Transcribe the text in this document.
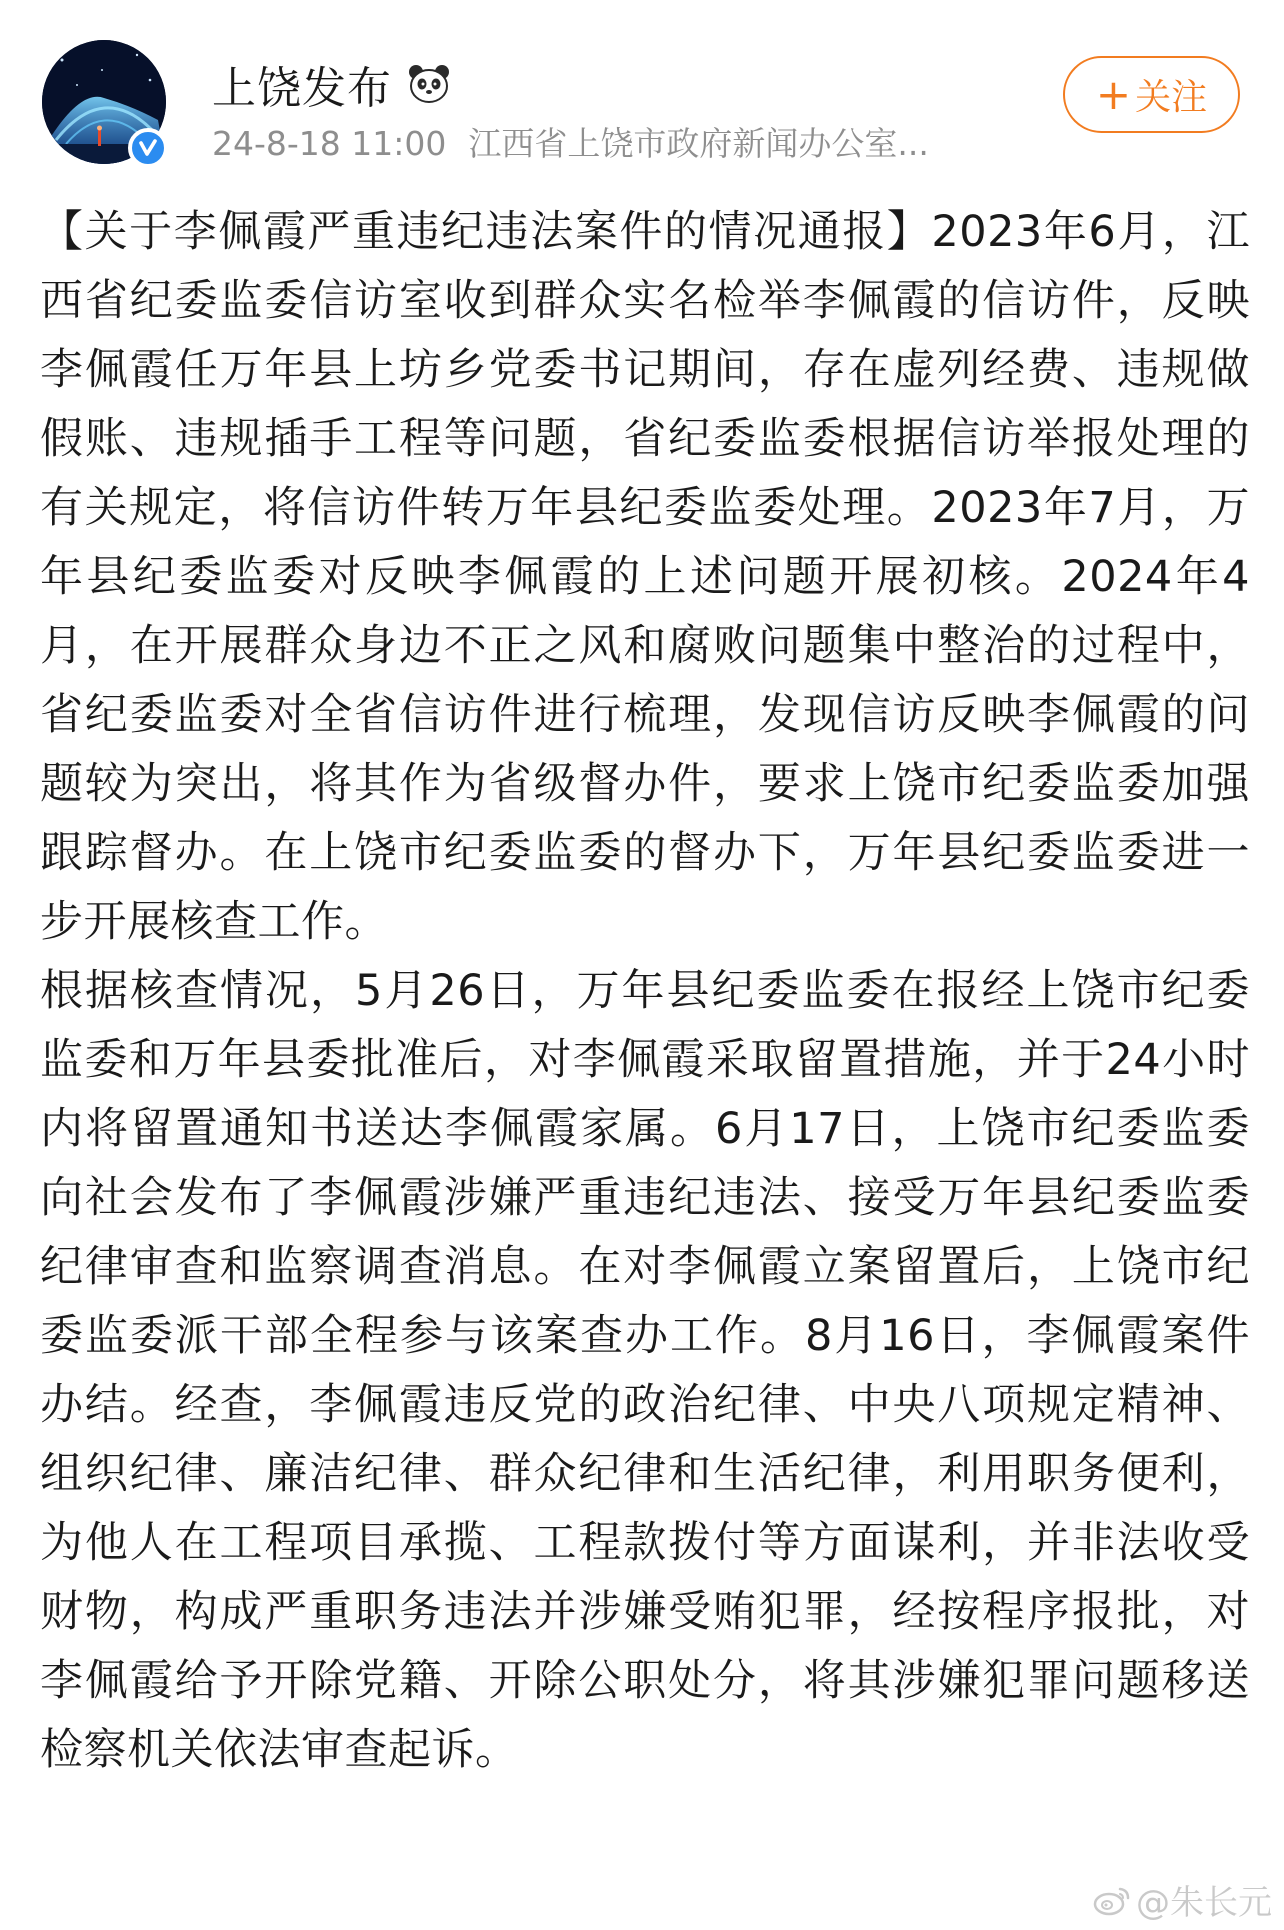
上饶发布
24-8-18 11:00 江西省上饶市政府新闻办公室...
+ 关注

【关于李佩霞严重违纪违法案件的情况通报】2023年6月，江西省纪委监委信访室收到群众实名检举李佩霞的信访件，反映李佩霞任万年县上坊乡党委书记期间，存在虚列经费、违规做假账、违规插手工程等问题，省纪委监委根据信访举报处理的有关规定，将信访件转万年县纪委监委处理。2023年7月，万年县纪委监委对反映李佩霞的上述问题开展初核。2024年4月，在开展群众身边不正之风和腐败问题集中整治的过程中，省纪委监委对全省信访件进行梳理，发现信访反映李佩霞的问题较为突出，将其作为省级督办件，要求上饶市纪委监委加强跟踪督办。在上饶市纪委监委的督办下，万年县纪委监委进一步开展核查工作。

根据核查情况，5月26日，万年县纪委监委在报经上饶市纪委监委和万年县委批准后，对李佩霞采取留置措施，并于24小时内将留置通知书送达李佩霞家属。6月17日，上饶市纪委监委向社会发布了李佩霞涉嫌严重违纪违法、接受万年县纪委监委纪律审查和监察调查消息。在对李佩霞立案留置后，上饶市纪委监委派干部全程参与该案查办工作。8月16日，李佩霞案件办结。经查，李佩霞违反党的政治纪律、中央八项规定精神、组织纪律、廉洁纪律、群众纪律和生活纪律，利用职务便利，为他人在工程项目承揽、工程款拨付等方面谋利，并非法收受财物，构成严重职务违法并涉嫌受贿犯罪，经按程序报批，对李佩霞给予开除党籍、开除公职处分，将其涉嫌犯罪问题移送检察机关依法审查起诉。

@朱长元
